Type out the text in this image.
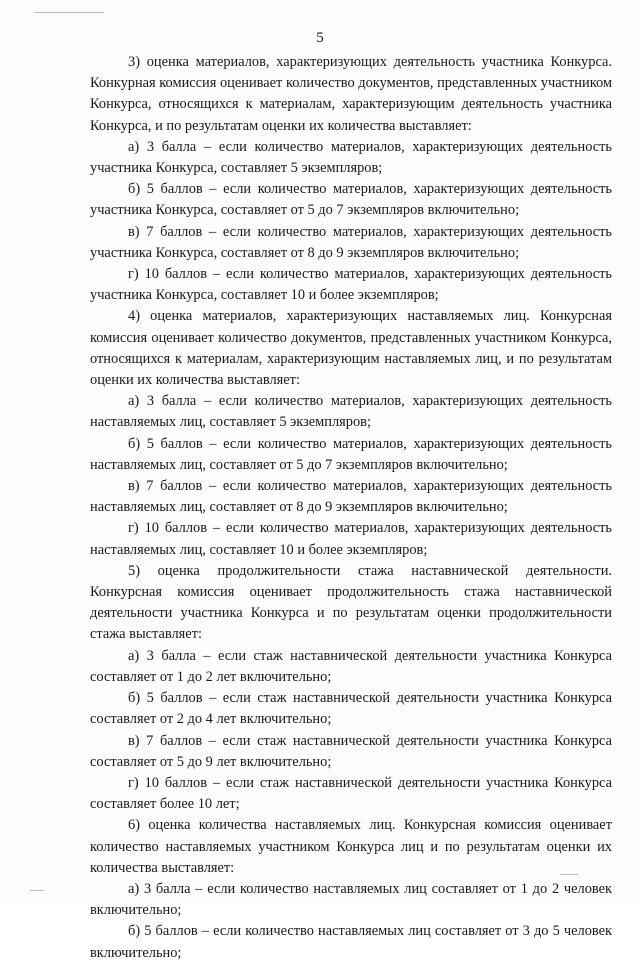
5

3) оценка материалов, характеризующих деятельность участника Конкурса. Конкурная комиссия оценивает количество документов, представленных участником Конкурса, относящихся к материалам, характеризующим деятельность участника Конкурса, и по результатам оценки их количества выставляет:

а) 3 балла – если количество материалов, характеризующих деятельность участника Конкурса, составляет 5 экземпляров;

б) 5 баллов – если количество материалов, характеризующих деятельность участника Конкурса, составляет от 5 до 7 экземпляров включительно;

в) 7 баллов – если количество материалов, характеризующих деятельность участника Конкурса, составляет от 8 до 9 экземпляров включительно;

г) 10 баллов – если количество материалов, характеризующих деятельность участника Конкурса, составляет 10 и более экземпляров;

4) оценка материалов, характеризующих наставляемых лиц. Конкурсная комиссия оценивает количество документов, представленных участником Конкурса, относящихся к материалам, характеризующим наставляемых лиц, и по результатам оценки их количества выставляет:

а) 3 балла – если количество материалов, характеризующих деятельность наставляемых лиц, составляет 5 экземпляров;

б) 5 баллов – если количество материалов, характеризующих деятельность наставляемых лиц, составляет от 5 до 7 экземпляров включительно;

в) 7 баллов – если количество материалов, характеризующих деятельность наставляемых лиц, составляет от 8 до 9 экземпляров включительно;

г) 10 баллов – если количество материалов, характеризующих деятельность наставляемых лиц, составляет 10 и более экземпляров;

5) оценка продолжительности стажа наставнической деятельности. Конкурсная комиссия оценивает продолжительность стажа наставнической деятельности участника Конкурса и по результатам оценки продолжительности стажа выставляет:

а) 3 балла – если стаж наставнической деятельности участника Конкурса составляет от 1 до 2 лет включительно;

б) 5 баллов – если стаж наставнической деятельности участника Конкурса составляет от 2 до 4 лет включительно;

в) 7 баллов – если стаж наставнической деятельности участника Конкурса составляет от 5 до 9 лет включительно;

г) 10 баллов – если стаж наставнической деятельности участника Конкурса составляет более 10 лет;

6) оценка количества наставляемых лиц. Конкурсная комиссия оценивает количество наставляемых участником Конкурса лиц и по результатам оценки их количества выставляет:

а) 3 балла – если количество наставляемых лиц составляет от 1 до 2 человек включительно;

б) 5 баллов – если количество наставляемых лиц составляет от 3 до 5 человек включительно;
